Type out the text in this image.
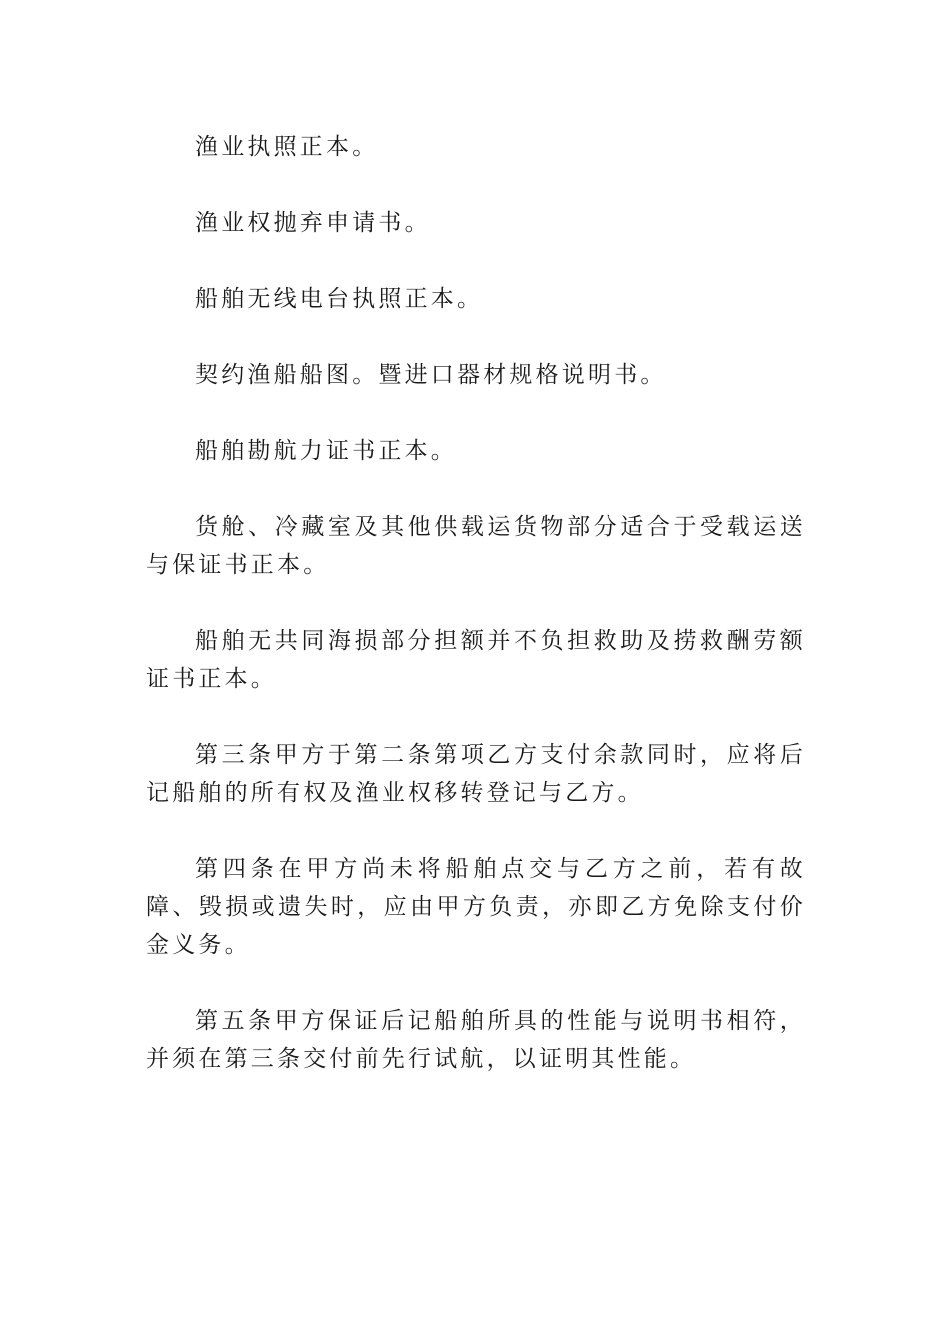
渔业执照正本。

渔业权抛弃申请书。

船舶无线电台执照正本。

契约渔船船图。暨进口器材规格说明书。

船舶勘航力证书正本。

货舱、冷藏室及其他供载运货物部分适合于受载运送与保证书正本。

船舶无共同海损部分担额并不负担救助及捞救酬劳额证书正本。

第三条甲方于第二条第项乙方支付余款同时，应将后记船舶的所有权及渔业权移转登记与乙方。

第四条在甲方尚未将船舶点交与乙方之前，若有故障、毁损或遗失时，应由甲方负责，亦即乙方免除支付价金义务。

第五条甲方保证后记船舶所具的性能与说明书相符，并须在第三条交付前先行试航，以证明其性能。
